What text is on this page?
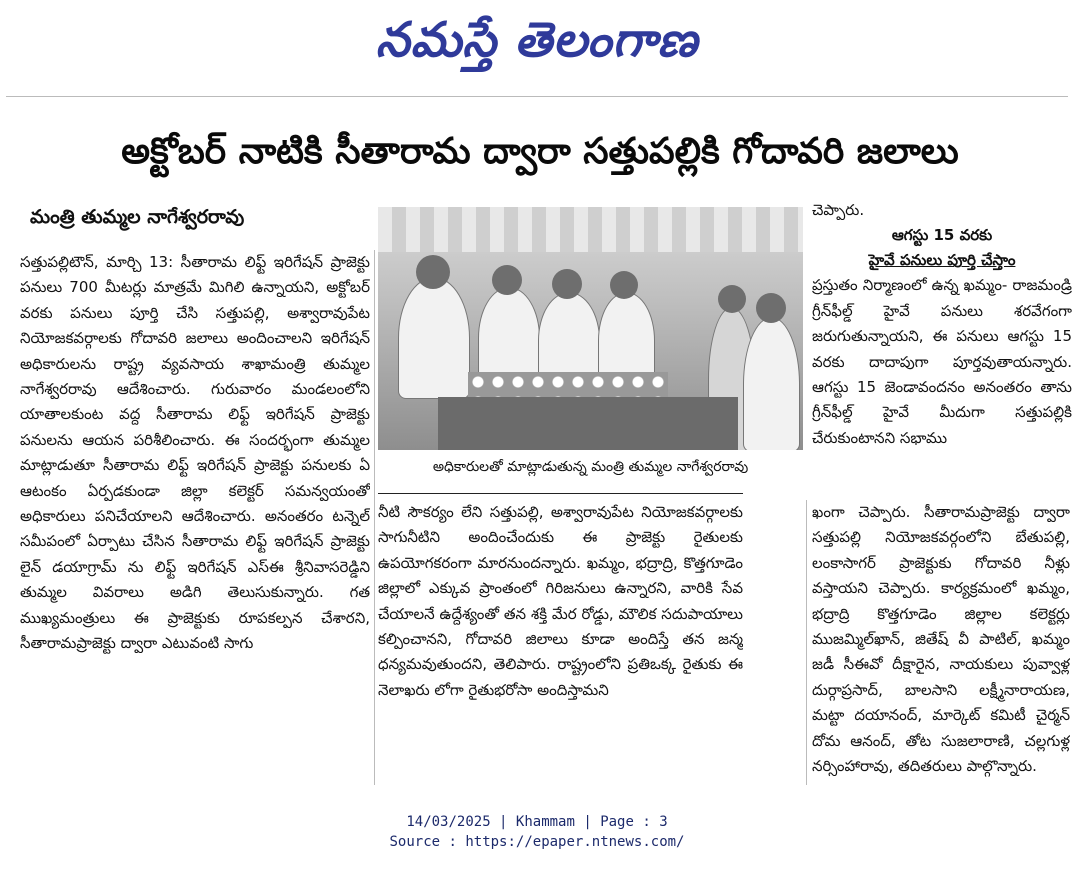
నమస్తే తెలంగాణ
అక్టోబర్ నాటికి సీతారామ ద్వారా సత్తుపల్లికి గోదావరి జలాలు
మంత్రి తుమ్మల నాగేశ్వరరావు

సత్తుపల్లిటౌన్, మార్చి 13: సీతారామ లిఫ్ట్ ఇరిగేషన్ ప్రాజెక్టు పనులు 700 మీటర్లు మాత్రమే మిగిలి ఉన్నాయని, అక్టోబర్ వరకు పనులు పూర్తి చేసి సత్తుపల్లి, అశ్వారావుపేట నియోజకవర్గాలకు గోదావరి జలాలు అందించాలని ఇరిగేషన్ అధికారులను రాష్ట్ర వ్యవసాయ శాఖామంత్రి తుమ్మల నాగేశ్వరరావు ఆదేశించారు. గురువారం మండలంలోని యాతాలకుంట వద్ద సీతారామ లిఫ్ట్ ఇరిగేషన్ ప్రాజెక్టు పనులను ఆయన పరిశీలించారు. ఈ సందర్భంగా తుమ్మల మాట్లాడుతూ సీతారామ లిఫ్ట్ ఇరిగేషన్ ప్రాజెక్టు పనులకు ఏ ఆటంకం ఏర్పడకుండా జిల్లా కలెక్టర్ సమన్వయంతో అధికారులు పనిచేయాలని ఆదేశించారు. అనంతరం టన్నెల్ సమీపంలో ఏర్పాటు చేసిన సీతారామ లిఫ్ట్ ఇరిగేషన్ ప్రాజెక్టు లైన్ డయాగ్రామ్ ను లిఫ్ట్ ఇరిగేషన్ ఎస్ఈ శ్రీనివాసరెడ్డిని తుమ్మల వివరాలు అడిగి తెలుసుకున్నారు. గత ముఖ్యమంత్రులు ఈ ప్రాజెక్టుకు రూపకల్పన చేశారని, సీతారామప్రాజెక్టు ద్వారా ఎటువంటి సాగు

అధికారులతో మాట్లాడుతున్న మంత్రి తుమ్మల నాగేశ్వరరావు

నీటి సౌకర్యం లేని సత్తుపల్లి, అశ్వారావుపేట నియోజకవర్గాలకు సాగునీటిని అందించేందుకు ఈ ప్రాజెక్టు రైతులకు ఉపయోగకరంగా మారనుందన్నారు. ఖమ్మం, భద్రాద్రి, కొత్తగూడెం జిల్లాలో ఎక్కువ ప్రాంతంలో గిరిజనులు ఉన్నారని, వారికి సేవ చేయాలనే ఉద్దేశ్యంతో తన శక్తి మేర రోడ్డు, మౌలిక సదుపాయాలు కల్పించానని, గోదావరి జిలాలు కూడా అందిస్తే తన జన్మ ధన్యమవుతుందని, తెలిపారు. రాష్ట్రంలోని ప్రతిఒక్క రైతుకు ఈ నెలాఖరు లోగా రైతుభరోసా అందిస్తామని

చెప్పారు.

ఆగస్టు 15 వరకు
హైవే పనులు పూర్తి చేస్తాం

ప్రస్తుతం నిర్మాణంలో ఉన్న ఖమ్మం- రాజమండ్రి గ్రీన్‌ఫీల్డ్ హైవే పనులు శరవేగంగా జరుగుతున్నాయని, ఈ పనులు ఆగస్టు 15 వరకు దాదాపుగా పూర్తవుతాయన్నారు. ఆగస్టు 15 జెండావందనం అనంతరం తాను గ్రీన్‌ఫీల్డ్ హైవే మీదుగా సత్తుపల్లికి చేరుకుంటానని సభాము

ఖంగా చెప్పారు. సీతారామప్రాజెక్టు ద్వారా సత్తుపల్లి నియోజకవర్గంలోని బేతుపల్లి, లంకాసాగర్ ప్రాజెక్టుకు గోదావరి నీళ్లు వస్తాయని చెప్పారు. కార్యక్రమంలో ఖమ్మం, భద్రాద్రి కొత్తగూడెం జిల్లాల కలెక్టర్లు ముజమ్మిల్‌ఖాన్, జితేష్ వీ పాటిల్, ఖమ్మం జడీ సీఈవో దీక్షారైన, నాయకులు పువ్వాళ్ల దుర్గాప్రసాద్, బాలసాని లక్ష్మీనారాయణ, మట్టా దయానంద్, మార్కెట్ కమిటీ చైర్మన్ దోమ ఆనంద్, తోట సుజలారాణి, చల్లగుళ్ల నర్సింహారావు, తదితరులు పాల్గొన్నారు.

14/03/2025 | Khammam | Page : 3
Source : https://epaper.ntnews.com/
